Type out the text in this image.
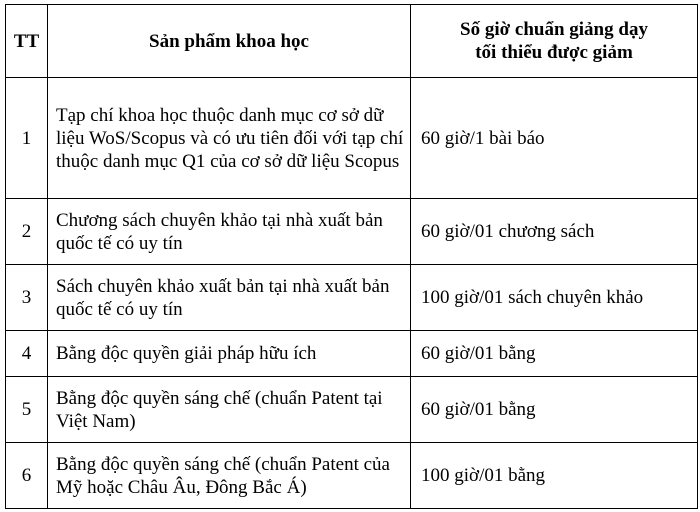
TT	Sản phẩm khoa học	Số giờ chuẩn giảng dạy
tối thiểu được giảm

1	Tạp chí khoa học thuộc danh mục cơ sở dữ liệu WoS/Scopus và có ưu tiên đối với tạp chí thuộc danh mục Q1 của cơ sở dữ liệu Scopus	60 giờ/1 bài báo
2	Chương sách chuyên khảo tại nhà xuất bản quốc tế có uy tín	60 giờ/01 chương sách
3	Sách chuyên khảo xuất bản tại nhà xuất bản quốc tế có uy tín	100 giờ/01 sách chuyên khảo
4	Bằng độc quyền giải pháp hữu ích	60 giờ/01 bằng
5	Bằng độc quyền sáng chế (chuẩn Patent tại Việt Nam)	60 giờ/01 bằng
6	Bằng độc quyền sáng chế (chuẩn Patent của Mỹ hoặc Châu Âu, Đông Bắc Á)	100 giờ/01 bằng
